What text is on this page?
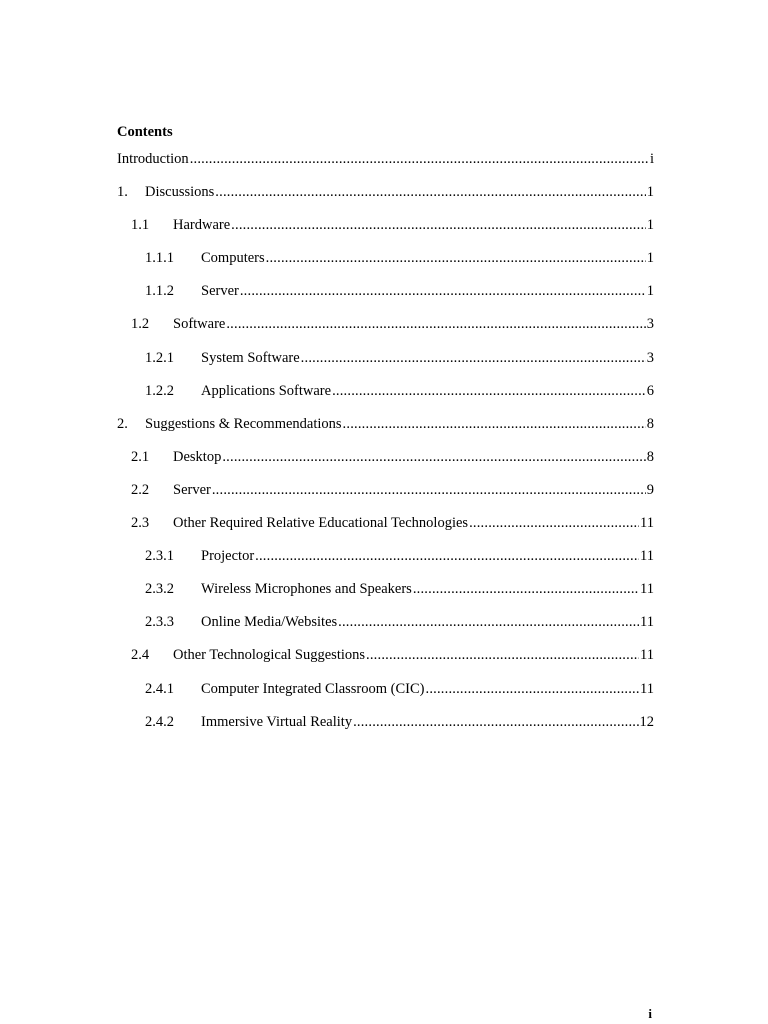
Contents
Introduction .....	i
1.	Discussions .....	1
1.1	Hardware .....	1
1.1.1	Computers .....	1
1.1.2	Server .....	1
1.2	Software .....	3
1.2.1	System Software .....	3
1.2.2	Applications Software .....	6
2.	Suggestions & Recommendations .....	8
2.1	Desktop .....	8
2.2	Server .....	9
2.3	Other Required Relative Educational Technologies .....	11
2.3.1	Projector .....	11
2.3.2	Wireless Microphones and Speakers .....	11
2.3.3	Online Media/Websites .....	11
2.4	Other Technological Suggestions .....	11
2.4.1	Computer Integrated Classroom (CIC) .....	11
2.4.2	Immersive Virtual Reality .....	12
i
